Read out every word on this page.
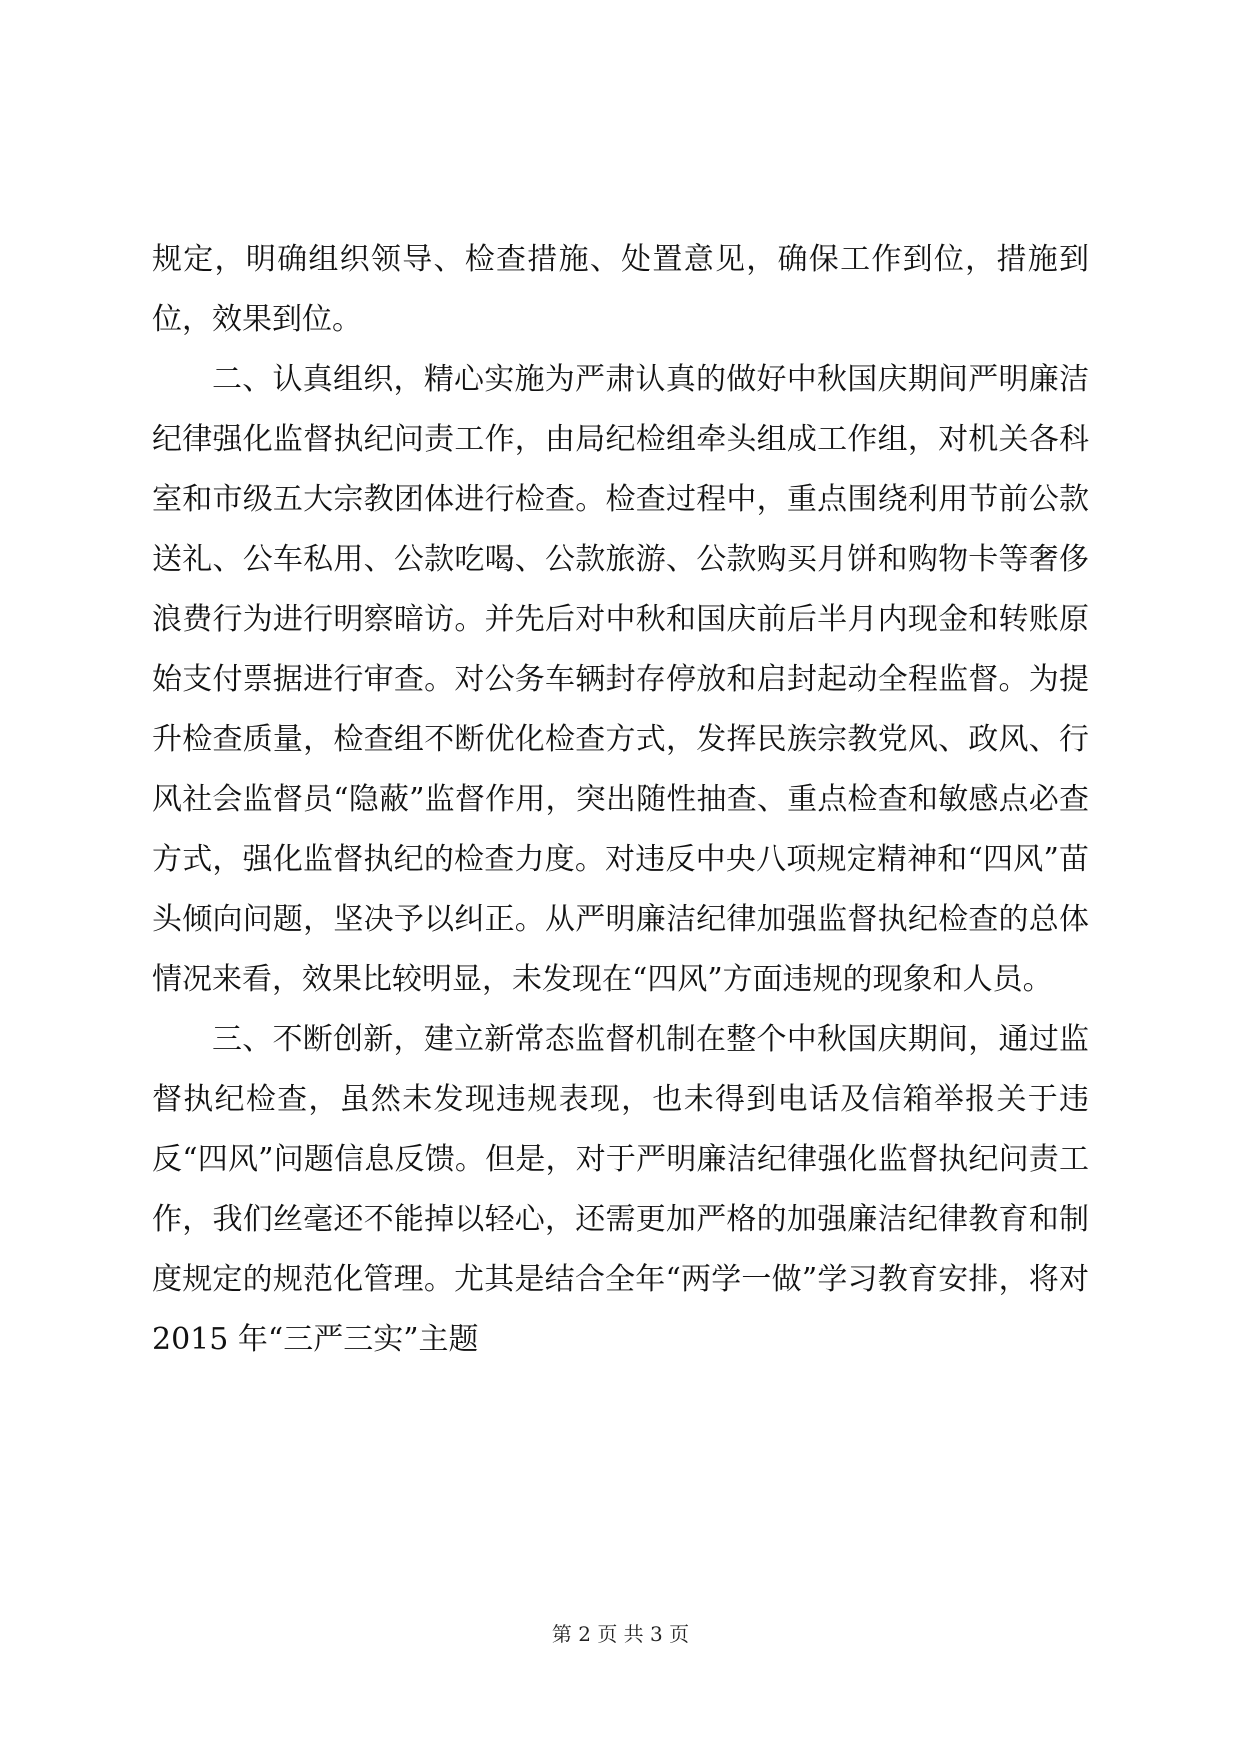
规定，明确组织领导、检查措施、处置意见，确保工作到位，措施到位，效果到位。

二、认真组织，精心实施为严肃认真的做好中秋国庆期间严明廉洁纪律强化监督执纪问责工作，由局纪检组牵头组成工作组，对机关各科室和市级五大宗教团体进行检查。检查过程中，重点围绕利用节前公款送礼、公车私用、公款吃喝、公款旅游、公款购买月饼和购物卡等奢侈浪费行为进行明察暗访。并先后对中秋和国庆前后半月内现金和转账原始支付票据进行审查。对公务车辆封存停放和启封起动全程监督。为提升检查质量，检查组不断优化检查方式，发挥民族宗教党风、政风、行风社会监督员“隐蔽”监督作用，突出随性抽查、重点检查和敏感点必查方式，强化监督执纪的检查力度。对违反中央八项规定精神和“四风”苗头倾向问题，坚决予以纠正。从严明廉洁纪律加强监督执纪检查的总体情况来看，效果比较明显，未发现在“四风”方面违规的现象和人员。

三、不断创新，建立新常态监督机制在整个中秋国庆期间，通过监督执纪检查，虽然未发现违规表现，也未得到电话及信箱举报关于违反“四风”问题信息反馈。但是，对于严明廉洁纪律强化监督执纪问责工作，我们丝毫还不能掉以轻心，还需更加严格的加强廉洁纪律教育和制度规定的规范化管理。尤其是结合全年“两学一做”学习教育安排，将对 2015 年“三严三实”主题

第 2 页 共 3 页
